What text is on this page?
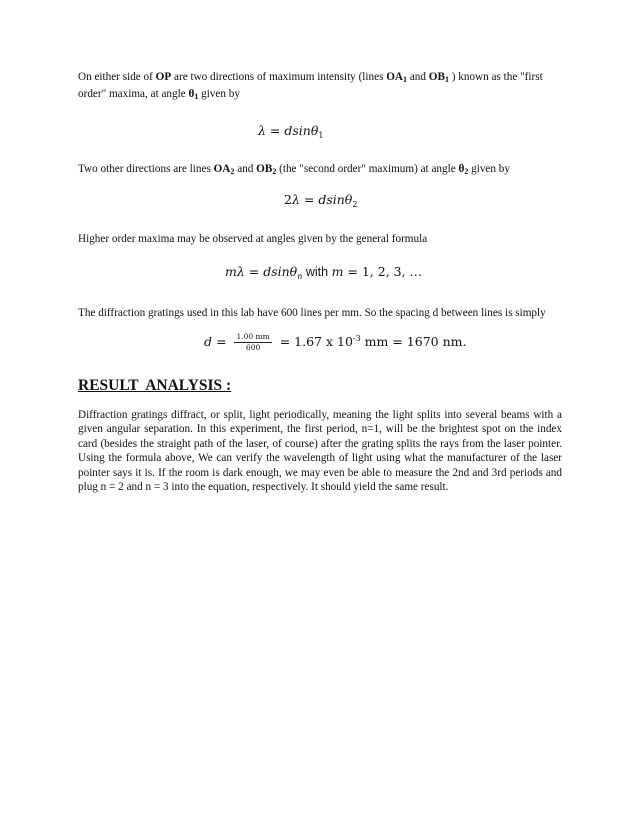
On either side of OP are two directions of maximum intensity (lines $OA_1$ and $OB_1$ ) known as the "first order" maxima, at angle $\theta_1$ given by

λ = dsinθ$_1$

Two other directions are lines $OA_2$ and $OB_2$ (the "second order" maximum) at angle $\theta_2$ given by

2λ = dsinθ$_2$

Higher order maxima may be observed at angles given by the general formula

mλ = dsinθ$_n$ with m = 1, 2, 3, …

The diffraction gratings used in this lab have 600 lines per mm. So the spacing d between lines is simply

$d = \frac{1.00 mm}{600} = 1.67$ x $10^{-3}$ mm = 1670 nm.
RESULT  ANALYSIS :

Diffraction gratings diffract, or split, light periodically, meaning the light splits into several beams with a given angular separation. In this experiment, the first period, n=1, will be the brightest spot on the index card (besides the straight path of the laser, of course) after the grating splits the rays from the laser pointer. Using the formula above, We can verify the wavelength of light using what the manufacturer of the laser pointer says it is. If the room is dark enough, we may even be able to measure the 2nd and 3rd periods and plug n = 2 and n = 3 into the equation, respectively. It should yield the same result.
